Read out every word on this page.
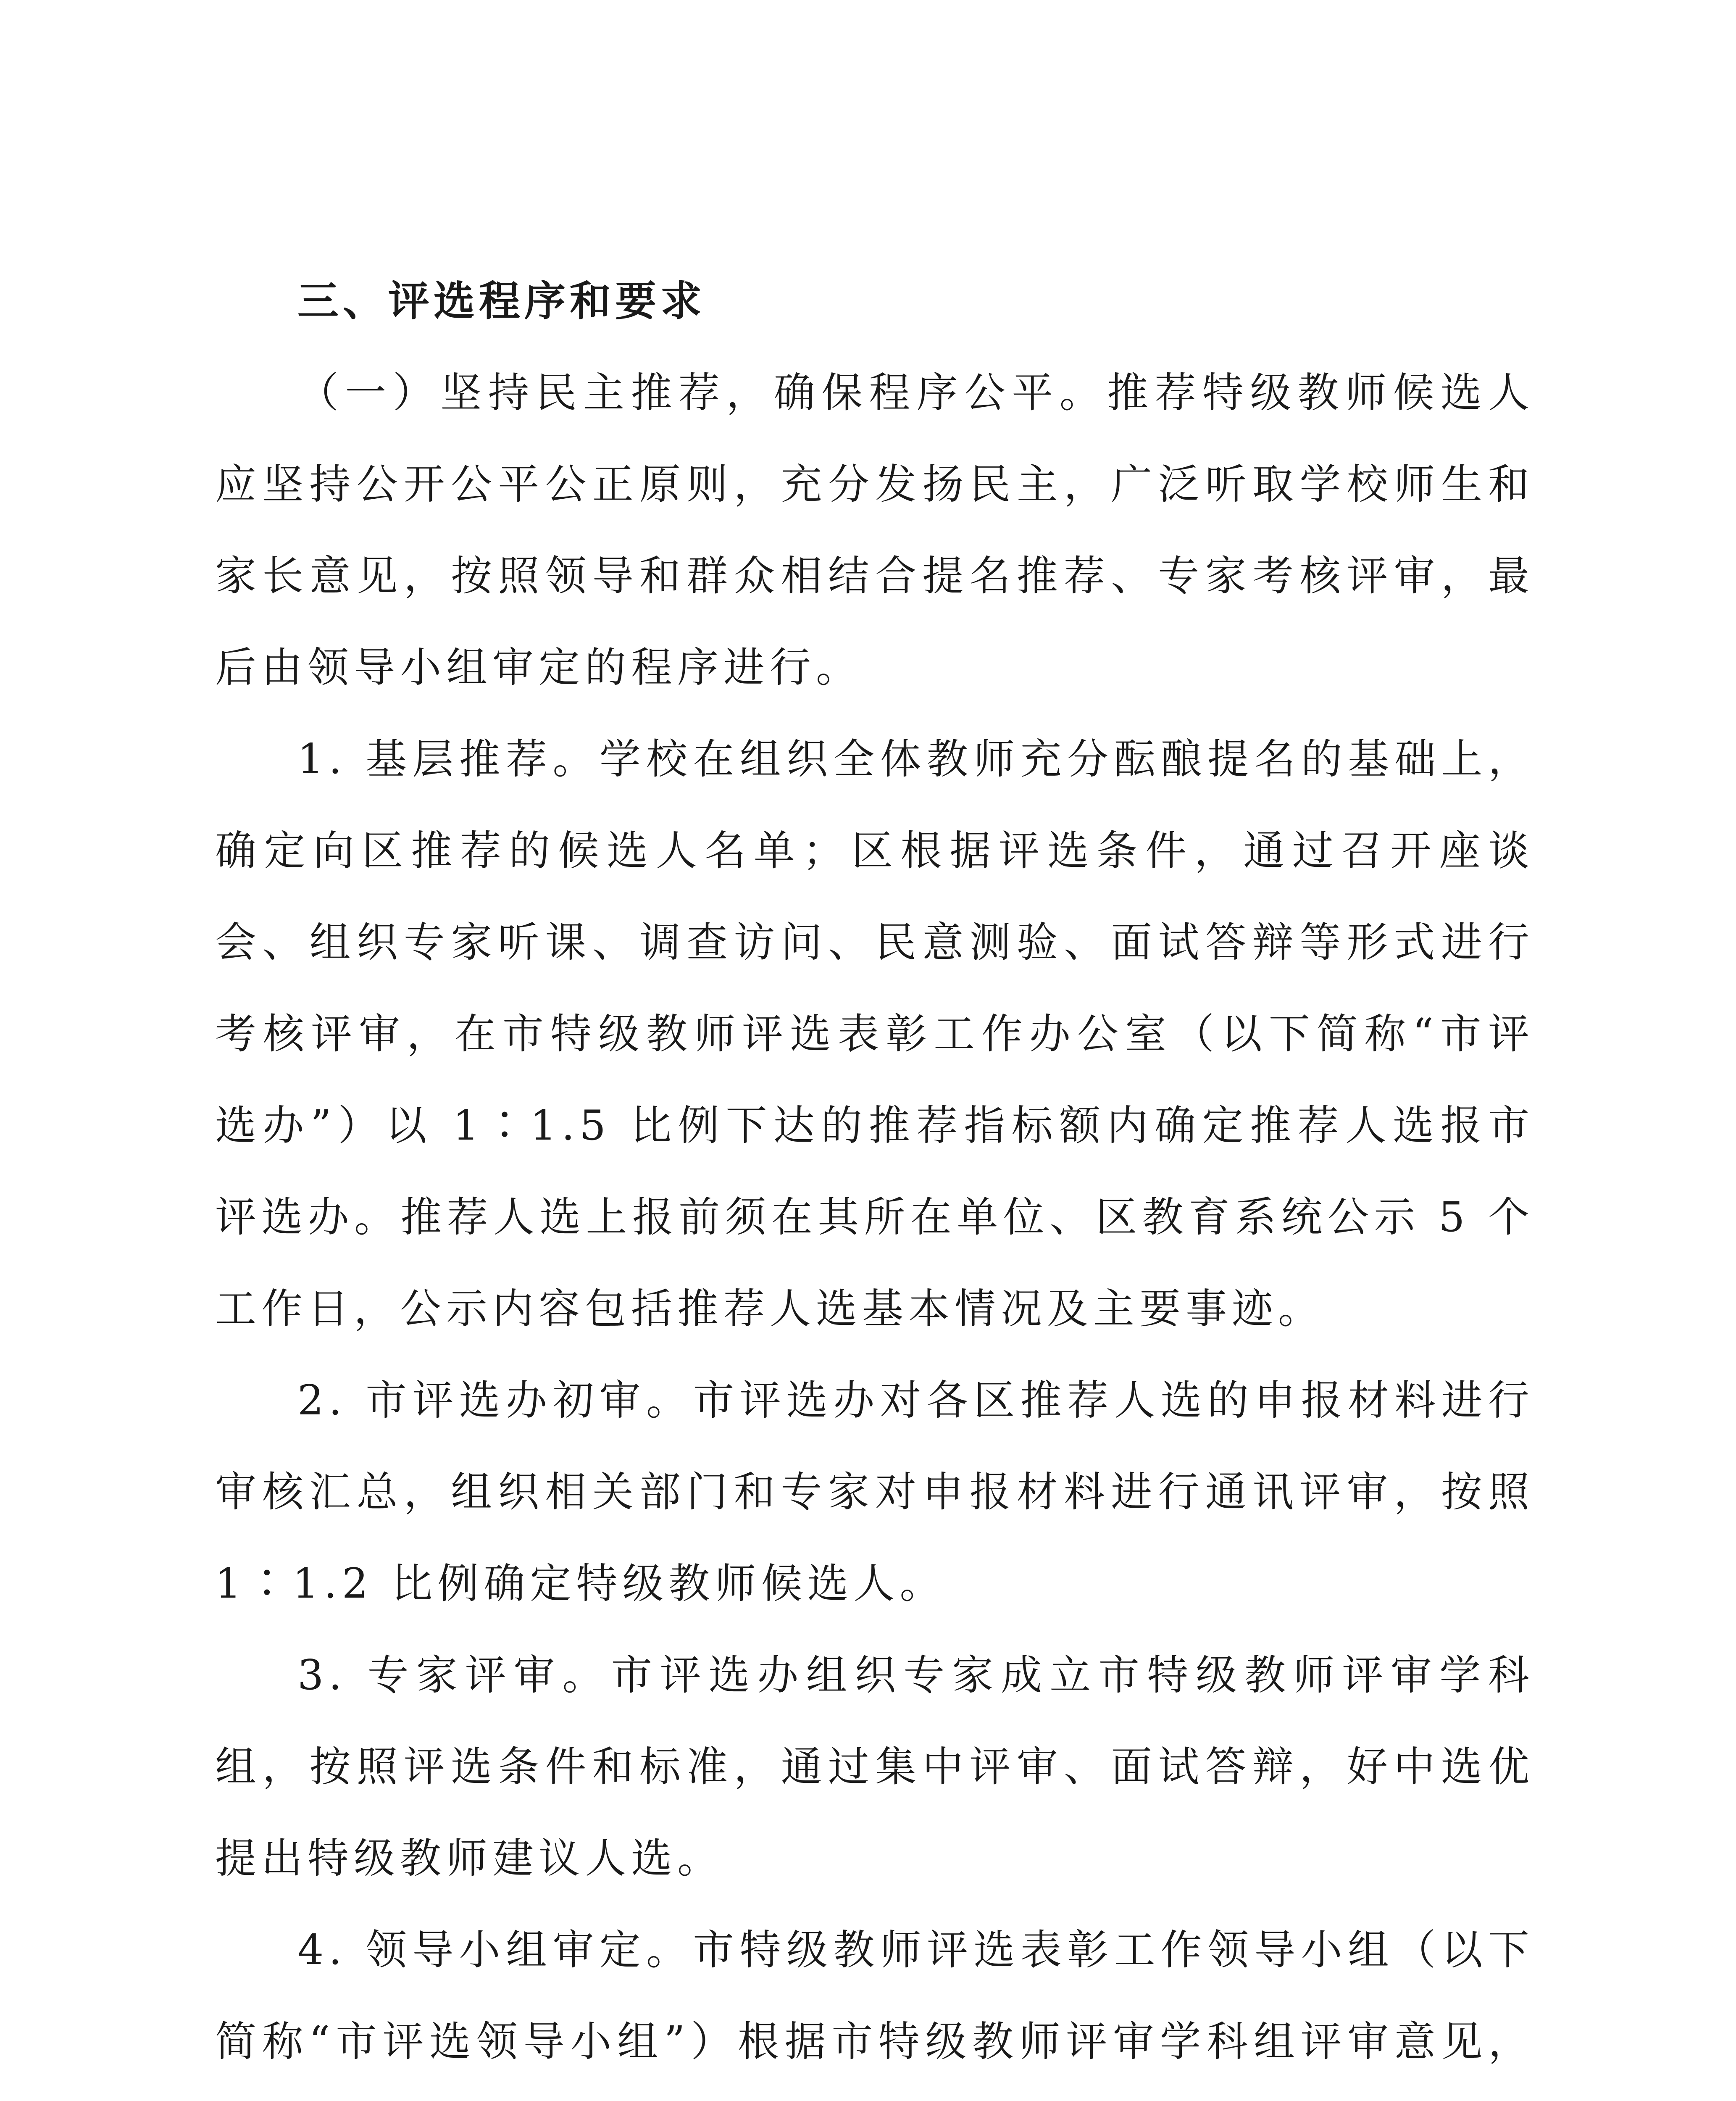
三、评选程序和要求

（一）坚持民主推荐，确保程序公平。推荐特级教师候选人应坚持公开公平公正原则，充分发扬民主，广泛听取学校师生和家长意见，按照领导和群众相结合提名推荐、专家考核评审，最后由领导小组审定的程序进行。

1. 基层推荐。学校在组织全体教师充分酝酿提名的基础上，确定向区推荐的候选人名单；区根据评选条件，通过召开座谈会、组织专家听课、调查访问、民意测验、面试答辩等形式进行考核评审，在市特级教师评选表彰工作办公室（以下简称“市评选办”）以 1∶1.5 比例下达的推荐指标额内确定推荐人选报市评选办。推荐人选上报前须在其所在单位、区教育系统公示 5 个工作日，公示内容包括推荐人选基本情况及主要事迹。

2. 市评选办初审。市评选办对各区推荐人选的申报材料进行审核汇总，组织相关部门和专家对申报材料进行通讯评审，按照 1∶1.2 比例确定特级教师候选人。

3. 专家评审。市评选办组织专家成立市特级教师评审学科组，按照评选条件和标准，通过集中评审、面试答辩，好中选优提出特级教师建议人选。

4. 领导小组审定。市特级教师评选表彰工作领导小组（以下简称“市评选领导小组”）根据市特级教师评审学科组评审意见，
